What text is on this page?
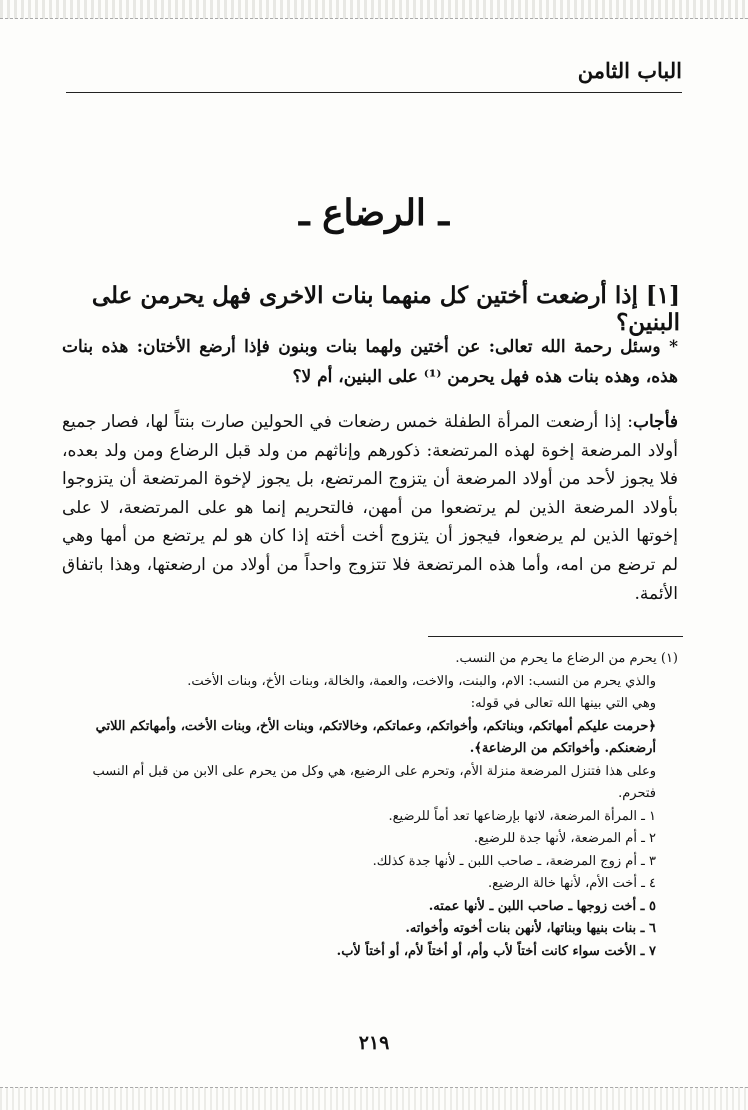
الباب الثامن
ـ الرضاع ـ
[١] إذا أرضعت أختين كل منهما بنات الاخرى فهل يحرمن على البنين؟
* وسئل رحمة الله تعالى: عن أختين ولهما بنات وبنون فإذا أرضع الأختان: هذه بنات هذه، وهذه بنات هذه فهل يحرمن ⁽¹⁾ على البنين، أم لا؟
فأجاب: إذا أرضعت المرأة الطفلة خمس رضعات في الحولين صارت بنتاً لها، فصار جميع أولاد المرضعة إخوة لهذه المرتضعة: ذكورهم وإناثهم من ولد قبل الرضاع ومن ولد بعده، فلا يجوز لأحد من أولاد المرضعة أن يتزوج المرتضع، بل يجوز لإخوة المرتضعة أن يتزوجوا بأولاد المرضعة الذين لم يرتضعوا من أمهن، فالتحريم إنما هو على المرتضعة، لا على إخوتها الذين لم يرضعوا، فيجوز أن يتزوج أخت أخته إذا كان هو لم يرتضع من أمها وهي لم ترضع من امه، وأما هذه المرتضعة فلا تتزوج واحداً من أولاد من ارضعتها، وهذا باتفاق الأئمة.

(١) يحرم من الرضاع ما يحرم من النسب.

والذي يحرم من النسب: الام، والبنت، والاخت، والعمة، والخالة، وبنات الأخ، وبنات الأخت.

وهي التي بينها الله تعالى في قوله:

﴿حرمت عليكم أمهاتكم، وبناتكم، وأخواتكم، وعماتكم، وخالاتكم، وبنات الأخ، وبنات الأخت، وأمهاتكم اللاتي أرضعنكم. وأخواتكم من الرضاعة﴾.

وعلى هذا فتنزل المرضعة منزلة الأم، وتحرم على الرضيع، هي وكل من يحرم على الابن من قبل أم النسب فتحرم.

١ ـ المرأة المرضعة، لانها بإرضاعها تعد أماً للرضيع.

٢ ـ أم المرضعة، لأنها جدة للرضيع.

٣ ـ أم زوج المرضعة، ـ صاحب اللبن ـ لأنها جدة كذلك.

٤ ـ أخت الأم، لأنها خالة الرضيع.

٥ ـ أخت زوجها ـ صاحب اللبن ـ لأنها عمته.

٦ ـ بنات بنيها وبناتها، لأنهن بنات أخوته وأخواته.

٧ ـ الأخت سواء كانت أختاً لأب وأم، أو أختاً لأم، أو أختاً لأب.

٢١٩
